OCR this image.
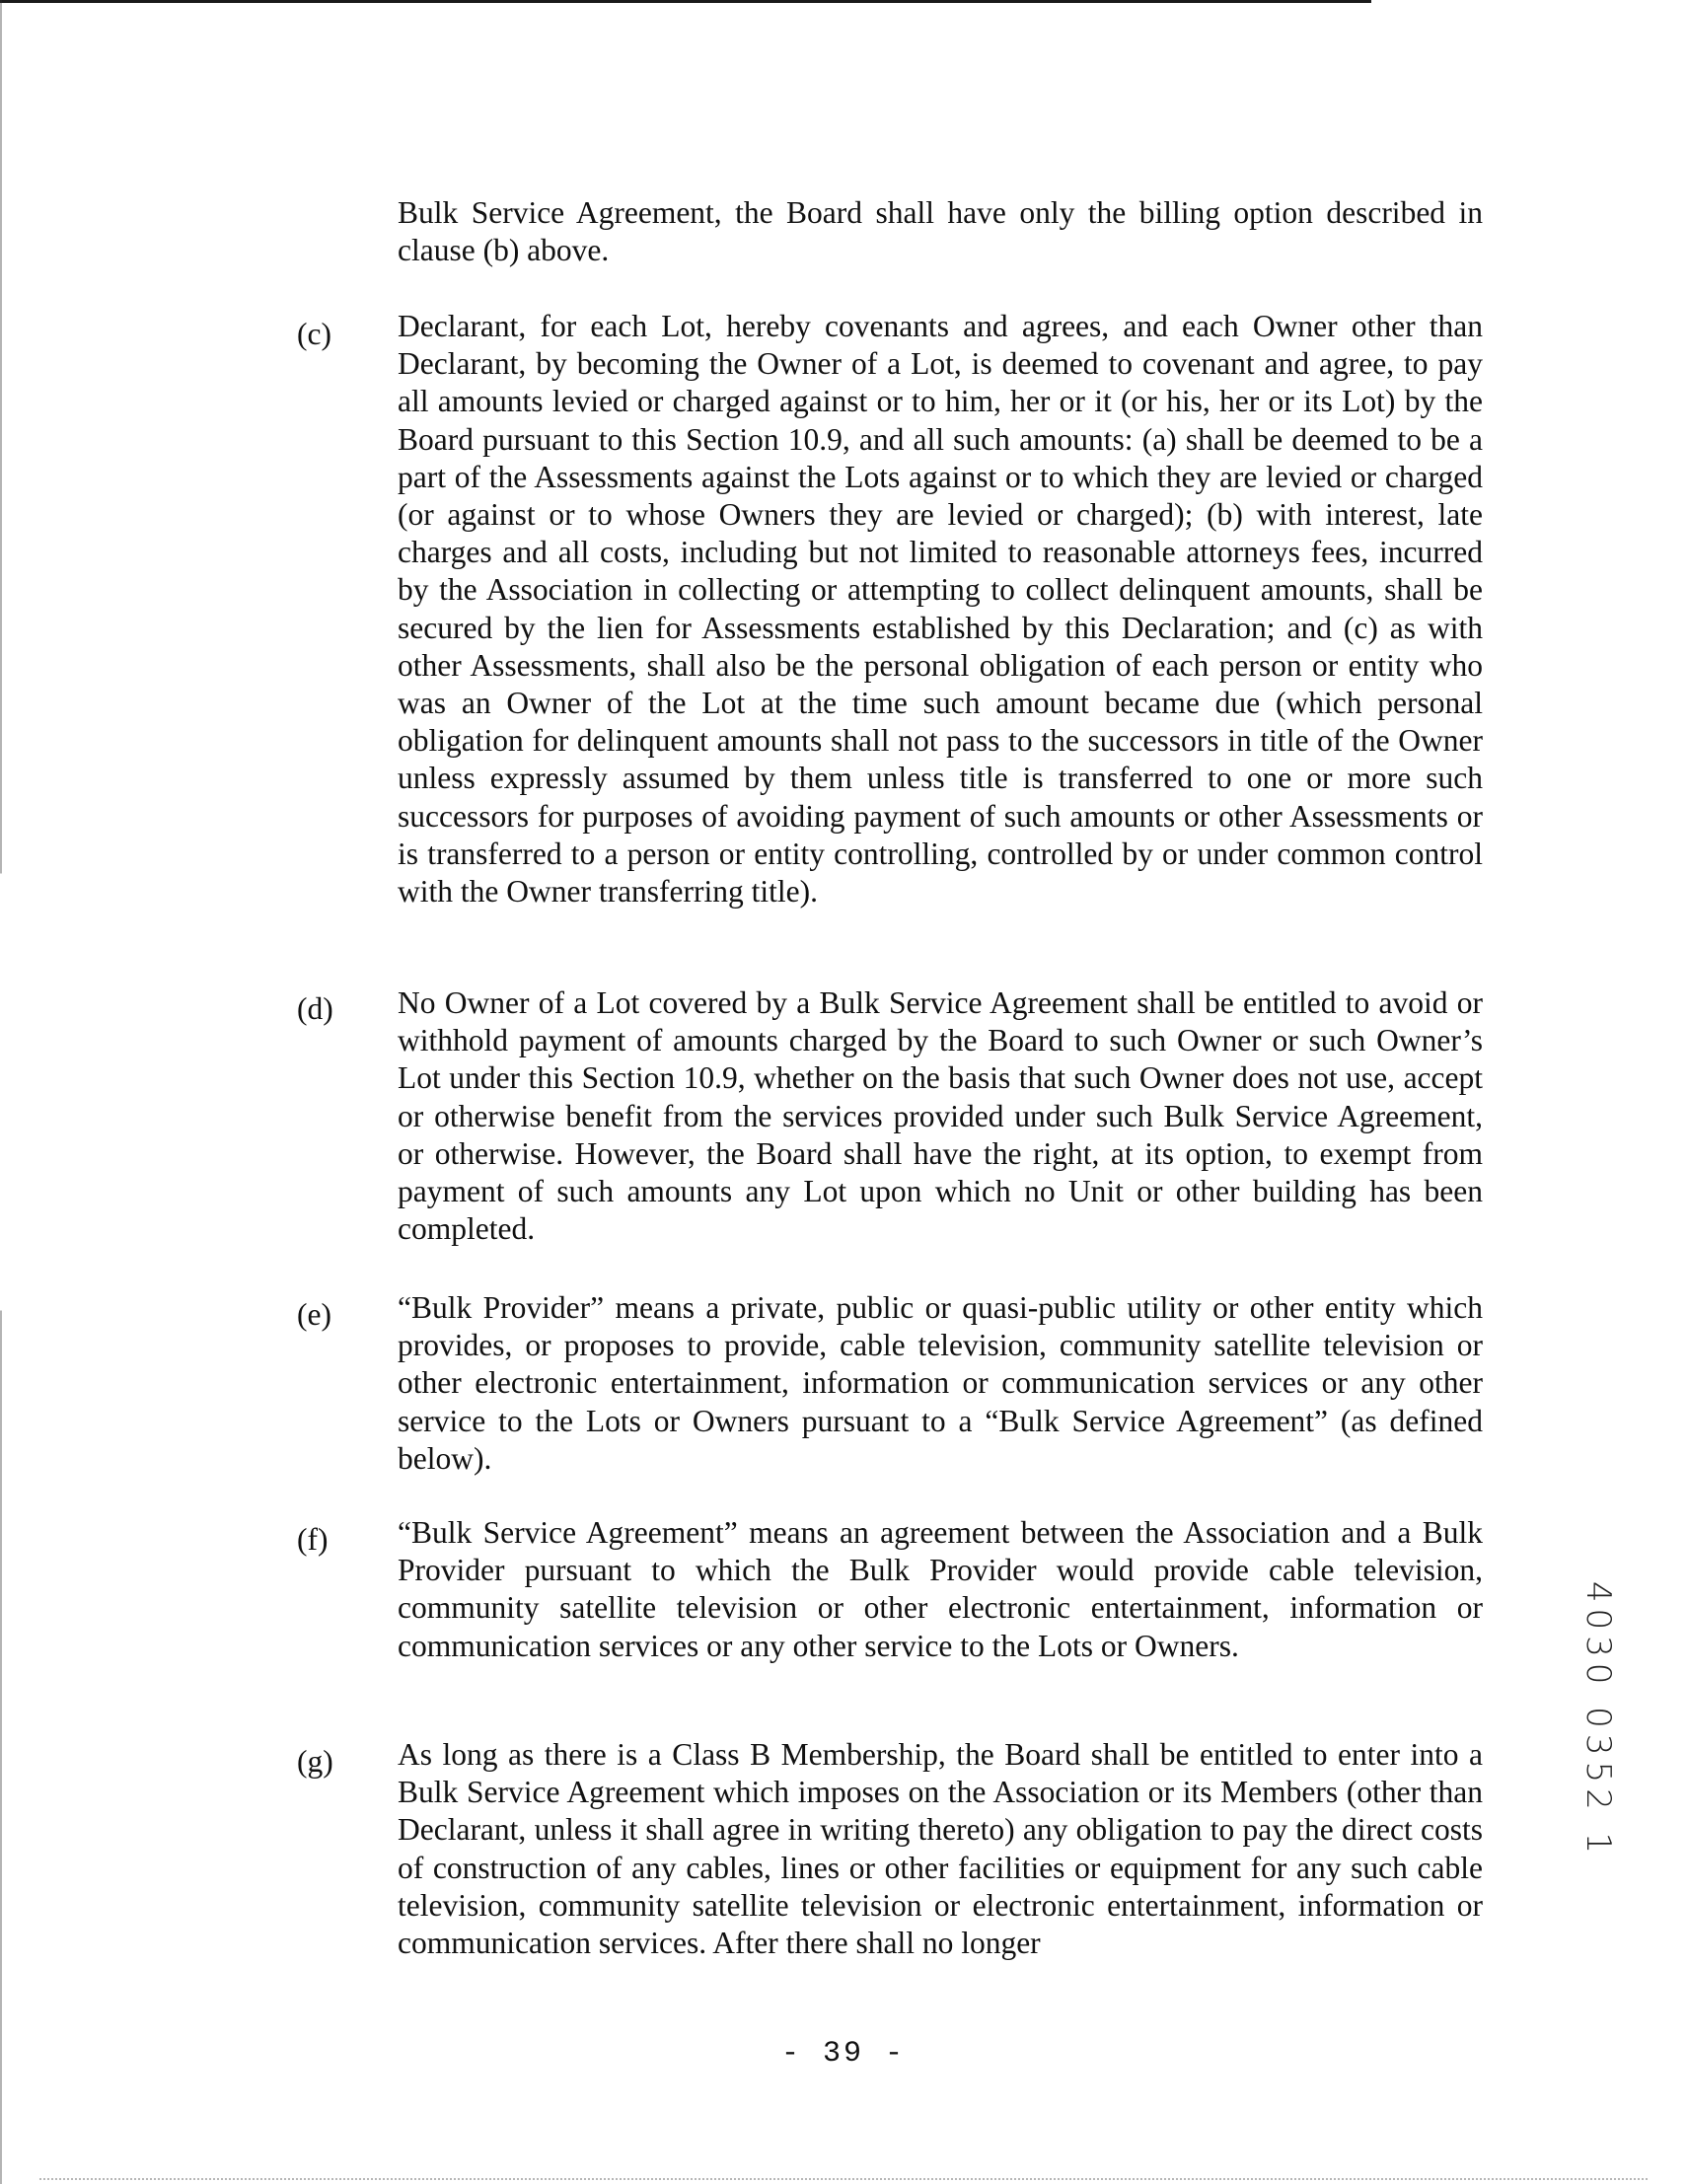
Bulk Service Agreement, the Board shall have only the billing option described in clause (b) above.

(c) Declarant, for each Lot, hereby covenants and agrees, and each Owner other than Declarant, by becoming the Owner of a Lot, is deemed to covenant and agree, to pay all amounts levied or charged against or to him, her or it (or his, her or its Lot) by the Board pursuant to this Section 10.9, and all such amounts: (a) shall be deemed to be a part of the Assessments against the Lots against or to which they are levied or charged (or against or to whose Owners they are levied or charged); (b) with interest, late charges and all costs, including but not limited to reasonable attorneys fees, incurred by the Association in collecting or attempting to collect delinquent amounts, shall be secured by the lien for Assessments established by this Declaration; and (c) as with other Assessments, shall also be the personal obligation of each person or entity who was an Owner of the Lot at the time such amount became due (which personal obligation for delinquent amounts shall not pass to the successors in title of the Owner unless expressly assumed by them unless title is transferred to one or more such successors for purposes of avoiding payment of such amounts or other Assessments or is transferred to a person or entity controlling, controlled by or under common control with the Owner transferring title).

(d) No Owner of a Lot covered by a Bulk Service Agreement shall be entitled to avoid or withhold payment of amounts charged by the Board to such Owner or such Owner’s Lot under this Section 10.9, whether on the basis that such Owner does not use, accept or otherwise benefit from the services provided under such Bulk Service Agreement, or otherwise. However, the Board shall have the right, at its option, to exempt from payment of such amounts any Lot upon which no Unit or other building has been completed.

(e) “Bulk Provider” means a private, public or quasi-public utility or other entity which provides, or proposes to provide, cable television, community satellite television or other electronic entertainment, information or communication services or any other service to the Lots or Owners pursuant to a “Bulk Service Agreement” (as defined below).

(f) “Bulk Service Agreement” means an agreement between the Association and a Bulk Provider pursuant to which the Bulk Provider would provide cable television, community satellite television or other electronic entertainment, information or communication services or any other service to the Lots or Owners.

(g) As long as there is a Class B Membership, the Board shall be entitled to enter into a Bulk Service Agreement which imposes on the Association or its Members (other than Declarant, unless it shall agree in writing thereto) any obligation to pay the direct costs of construction of any cables, lines or other facilities or equipment for any such cable television, community satellite television or electronic entertainment, information or communication services. After there shall no longer

- 39 -
4030 0352 1
